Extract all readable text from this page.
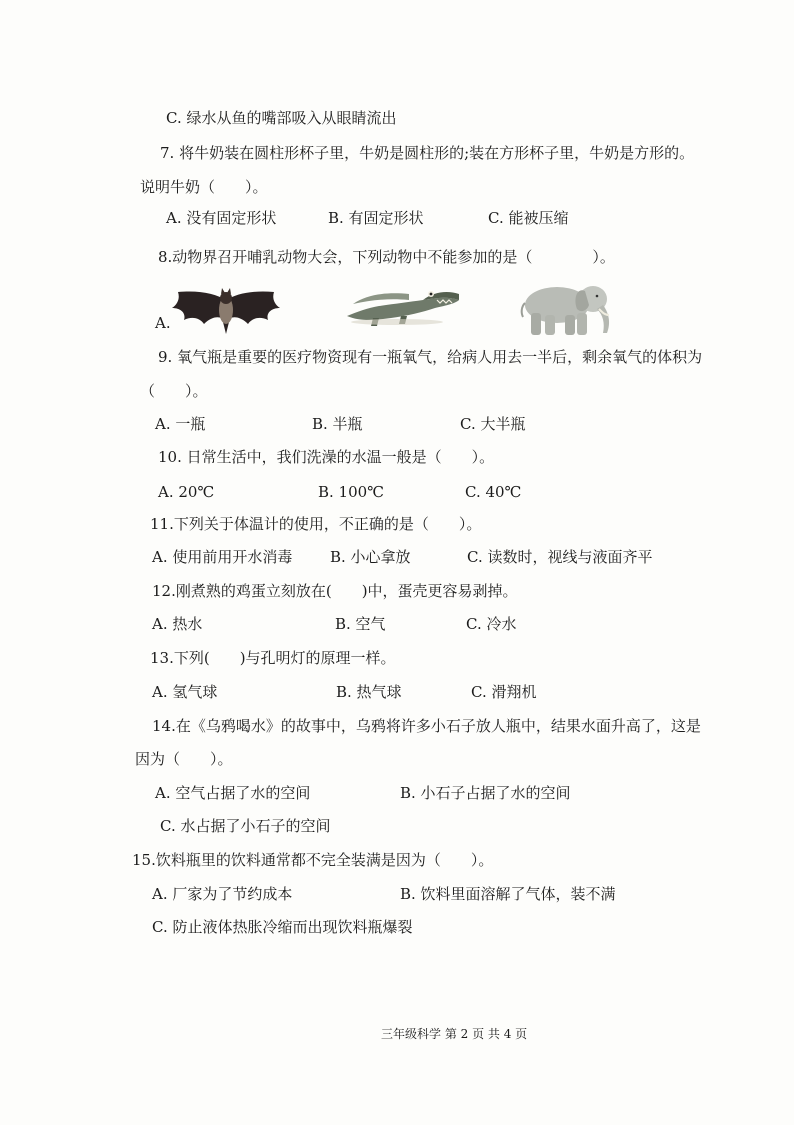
C. 绿水从鱼的嘴部吸入从眼睛流出
7. 将牛奶装在圆柱形杯子里，牛奶是圆柱形的;装在方形杯子里，牛奶是方形的。
说明牛奶（　　）。
A. 没有固定形状	B. 有固定形状	C. 能被压缩
8.动物界召开哺乳动物大会，下列动物中不能参加的是（　　　　）。
A.
9. 氧气瓶是重要的医疗物资现有一瓶氧气，给病人用去一半后，剩余氧气的体积为
（　　）。
A. 一瓶	B. 半瓶	C. 大半瓶
10. 日常生活中，我们洗澡的水温一般是（　　）。
A. 20℃	B. 100℃	C. 40℃
11.下列关于体温计的使用，不正确的是（　　）。
A. 使用前用开水消毒	B. 小心拿放	C. 读数时，视线与液面齐平
12.刚煮熟的鸡蛋立刻放在(　　)中，蛋壳更容易剥掉。
A. 热水	B. 空气	C. 冷水
13.下列(　　)与孔明灯的原理一样。
A. 氢气球	B. 热气球	C. 滑翔机
14.在《乌鸦喝水》的故事中，乌鸦将许多小石子放人瓶中，结果水面升高了，这是
因为（　　）。
A. 空气占据了水的空间	B. 小石子占据了水的空间
C. 水占据了小石子的空间
15.饮料瓶里的饮料通常都不完全装满是因为（　　）。
A. 厂家为了节约成本	B. 饮料里面溶解了气体，装不满
C. 防止液体热胀冷缩而出现饮料瓶爆裂
三年级科学 第 2 页 共 4 页
